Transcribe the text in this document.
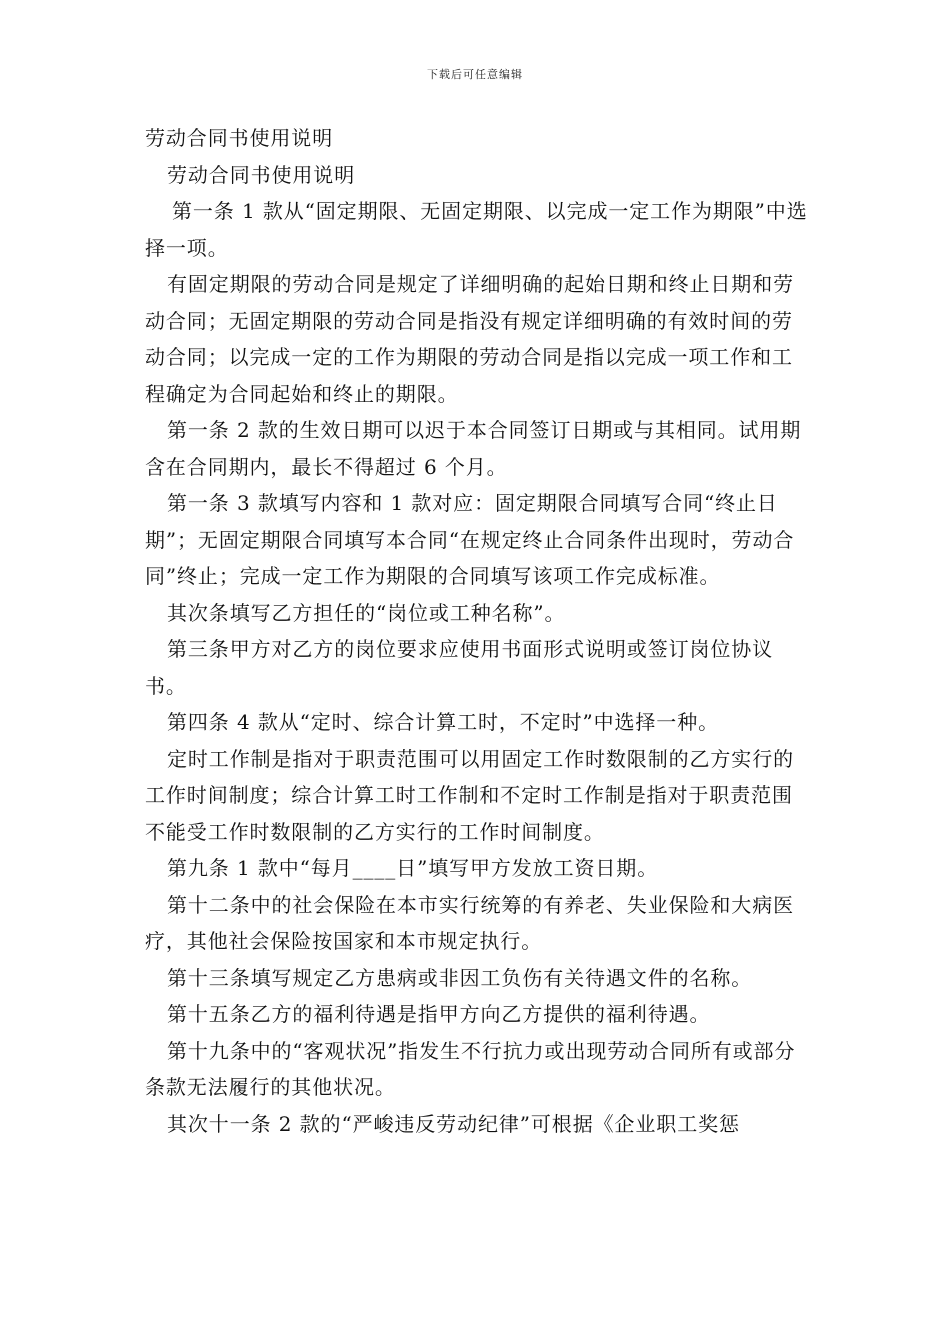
下载后可任意编辑

劳动合同书使用说明

劳动合同书使用说明

第一条 1 款从“固定期限、无固定期限、以完成一定工作为期限”中选择一项。

有固定期限的劳动合同是规定了详细明确的起始日期和终止日期和劳动合同；无固定期限的劳动合同是指没有规定详细明确的有效时间的劳动合同；以完成一定的工作为期限的劳动合同是指以完成一项工作和工程确定为合同起始和终止的期限。

第一条 2 款的生效日期可以迟于本合同签订日期或与其相同。试用期含在合同期内，最长不得超过 6 个月。

第一条 3 款填写内容和 1 款对应：固定期限合同填写合同“终止日期”；无固定期限合同填写本合同“在规定终止合同条件出现时，劳动合同”终止；完成一定工作为期限的合同填写该项工作完成标准。

其次条填写乙方担任的“岗位或工种名称”。

第三条甲方对乙方的岗位要求应使用书面形式说明或签订岗位协议书。

第四条 4 款从“定时、综合计算工时，不定时”中选择一种。

定时工作制是指对于职责范围可以用固定工作时数限制的乙方实行的工作时间制度；综合计算工时工作制和不定时工作制是指对于职责范围不能受工作时数限制的乙方实行的工作时间制度。

第九条 1 款中“每月____日”填写甲方发放工资日期。

第十二条中的社会保险在本市实行统筹的有养老、失业保险和大病医疗，其他社会保险按国家和本市规定执行。

第十三条填写规定乙方患病或非因工负伤有关待遇文件的名称。

第十五条乙方的福利待遇是指甲方向乙方提供的福利待遇。

第十九条中的“客观状况”指发生不行抗力或出现劳动合同所有或部分条款无法履行的其他状况。

其次十一条 2 款的“严峻违反劳动纪律”可根据《企业职工奖惩
